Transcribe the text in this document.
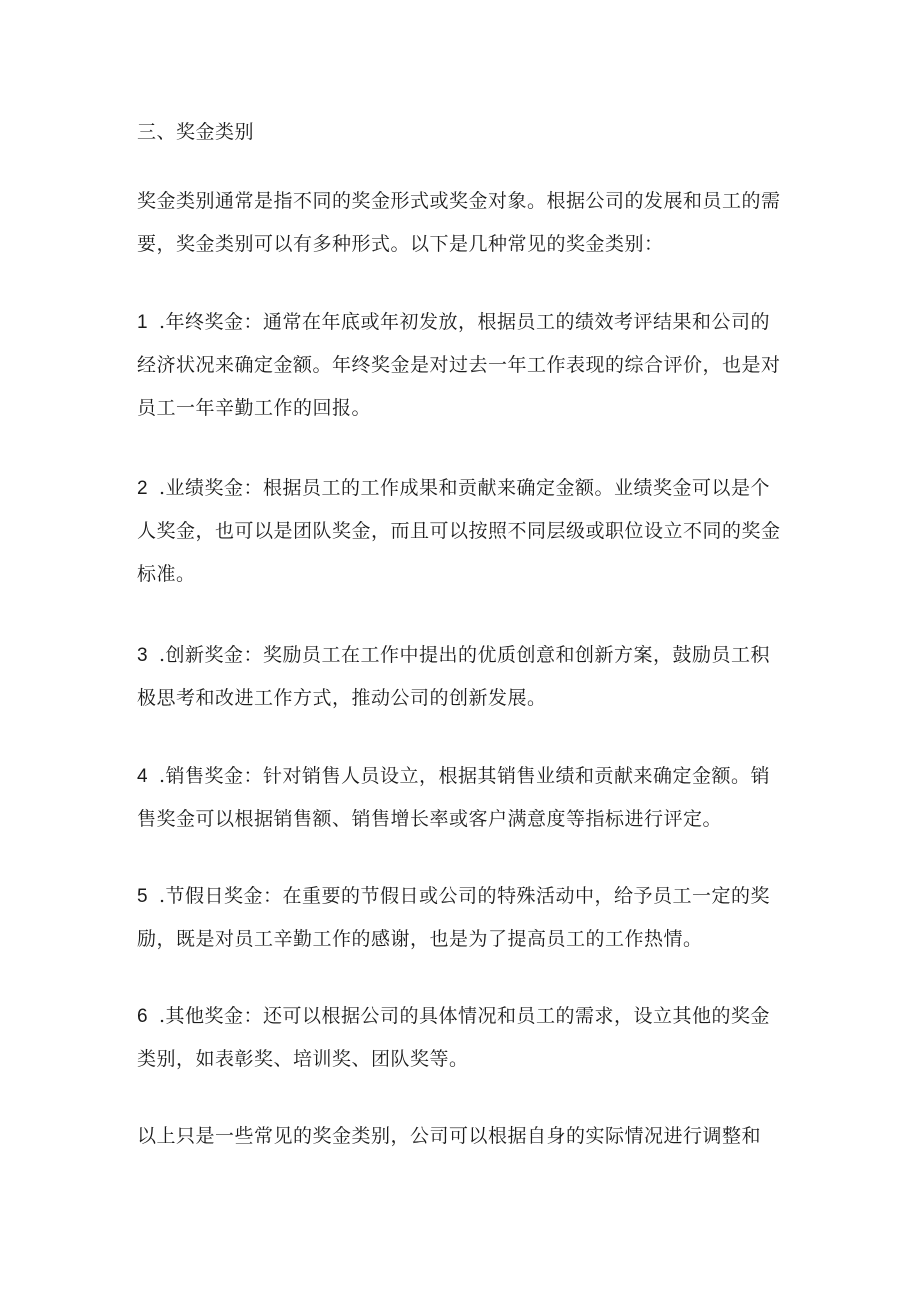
三、奖金类别
奖金类别通常是指不同的奖金形式或奖金对象。根据公司的发展和员工的需
要，奖金类别可以有多种形式。以下是几种常见的奖金类别：
1 .年终奖金：通常在年底或年初发放，根据员工的绩效考评结果和公司的
经济状况来确定金额。年终奖金是对过去一年工作表现的综合评价，也是对
员工一年辛勤工作的回报。
2 .业绩奖金：根据员工的工作成果和贡献来确定金额。业绩奖金可以是个
人奖金，也可以是团队奖金，而且可以按照不同层级或职位设立不同的奖金
标准。
3 .创新奖金：奖励员工在工作中提出的优质创意和创新方案，鼓励员工积
极思考和改进工作方式，推动公司的创新发展。
4 .销售奖金：针对销售人员设立，根据其销售业绩和贡献来确定金额。销
售奖金可以根据销售额、销售增长率或客户满意度等指标进行评定。
5 .节假日奖金：在重要的节假日或公司的特殊活动中，给予员工一定的奖
励，既是对员工辛勤工作的感谢，也是为了提高员工的工作热情。
6 .其他奖金：还可以根据公司的具体情况和员工的需求，设立其他的奖金
类别，如表彰奖、培训奖、团队奖等。
以上只是一些常见的奖金类别，公司可以根据自身的实际情况进行调整和
